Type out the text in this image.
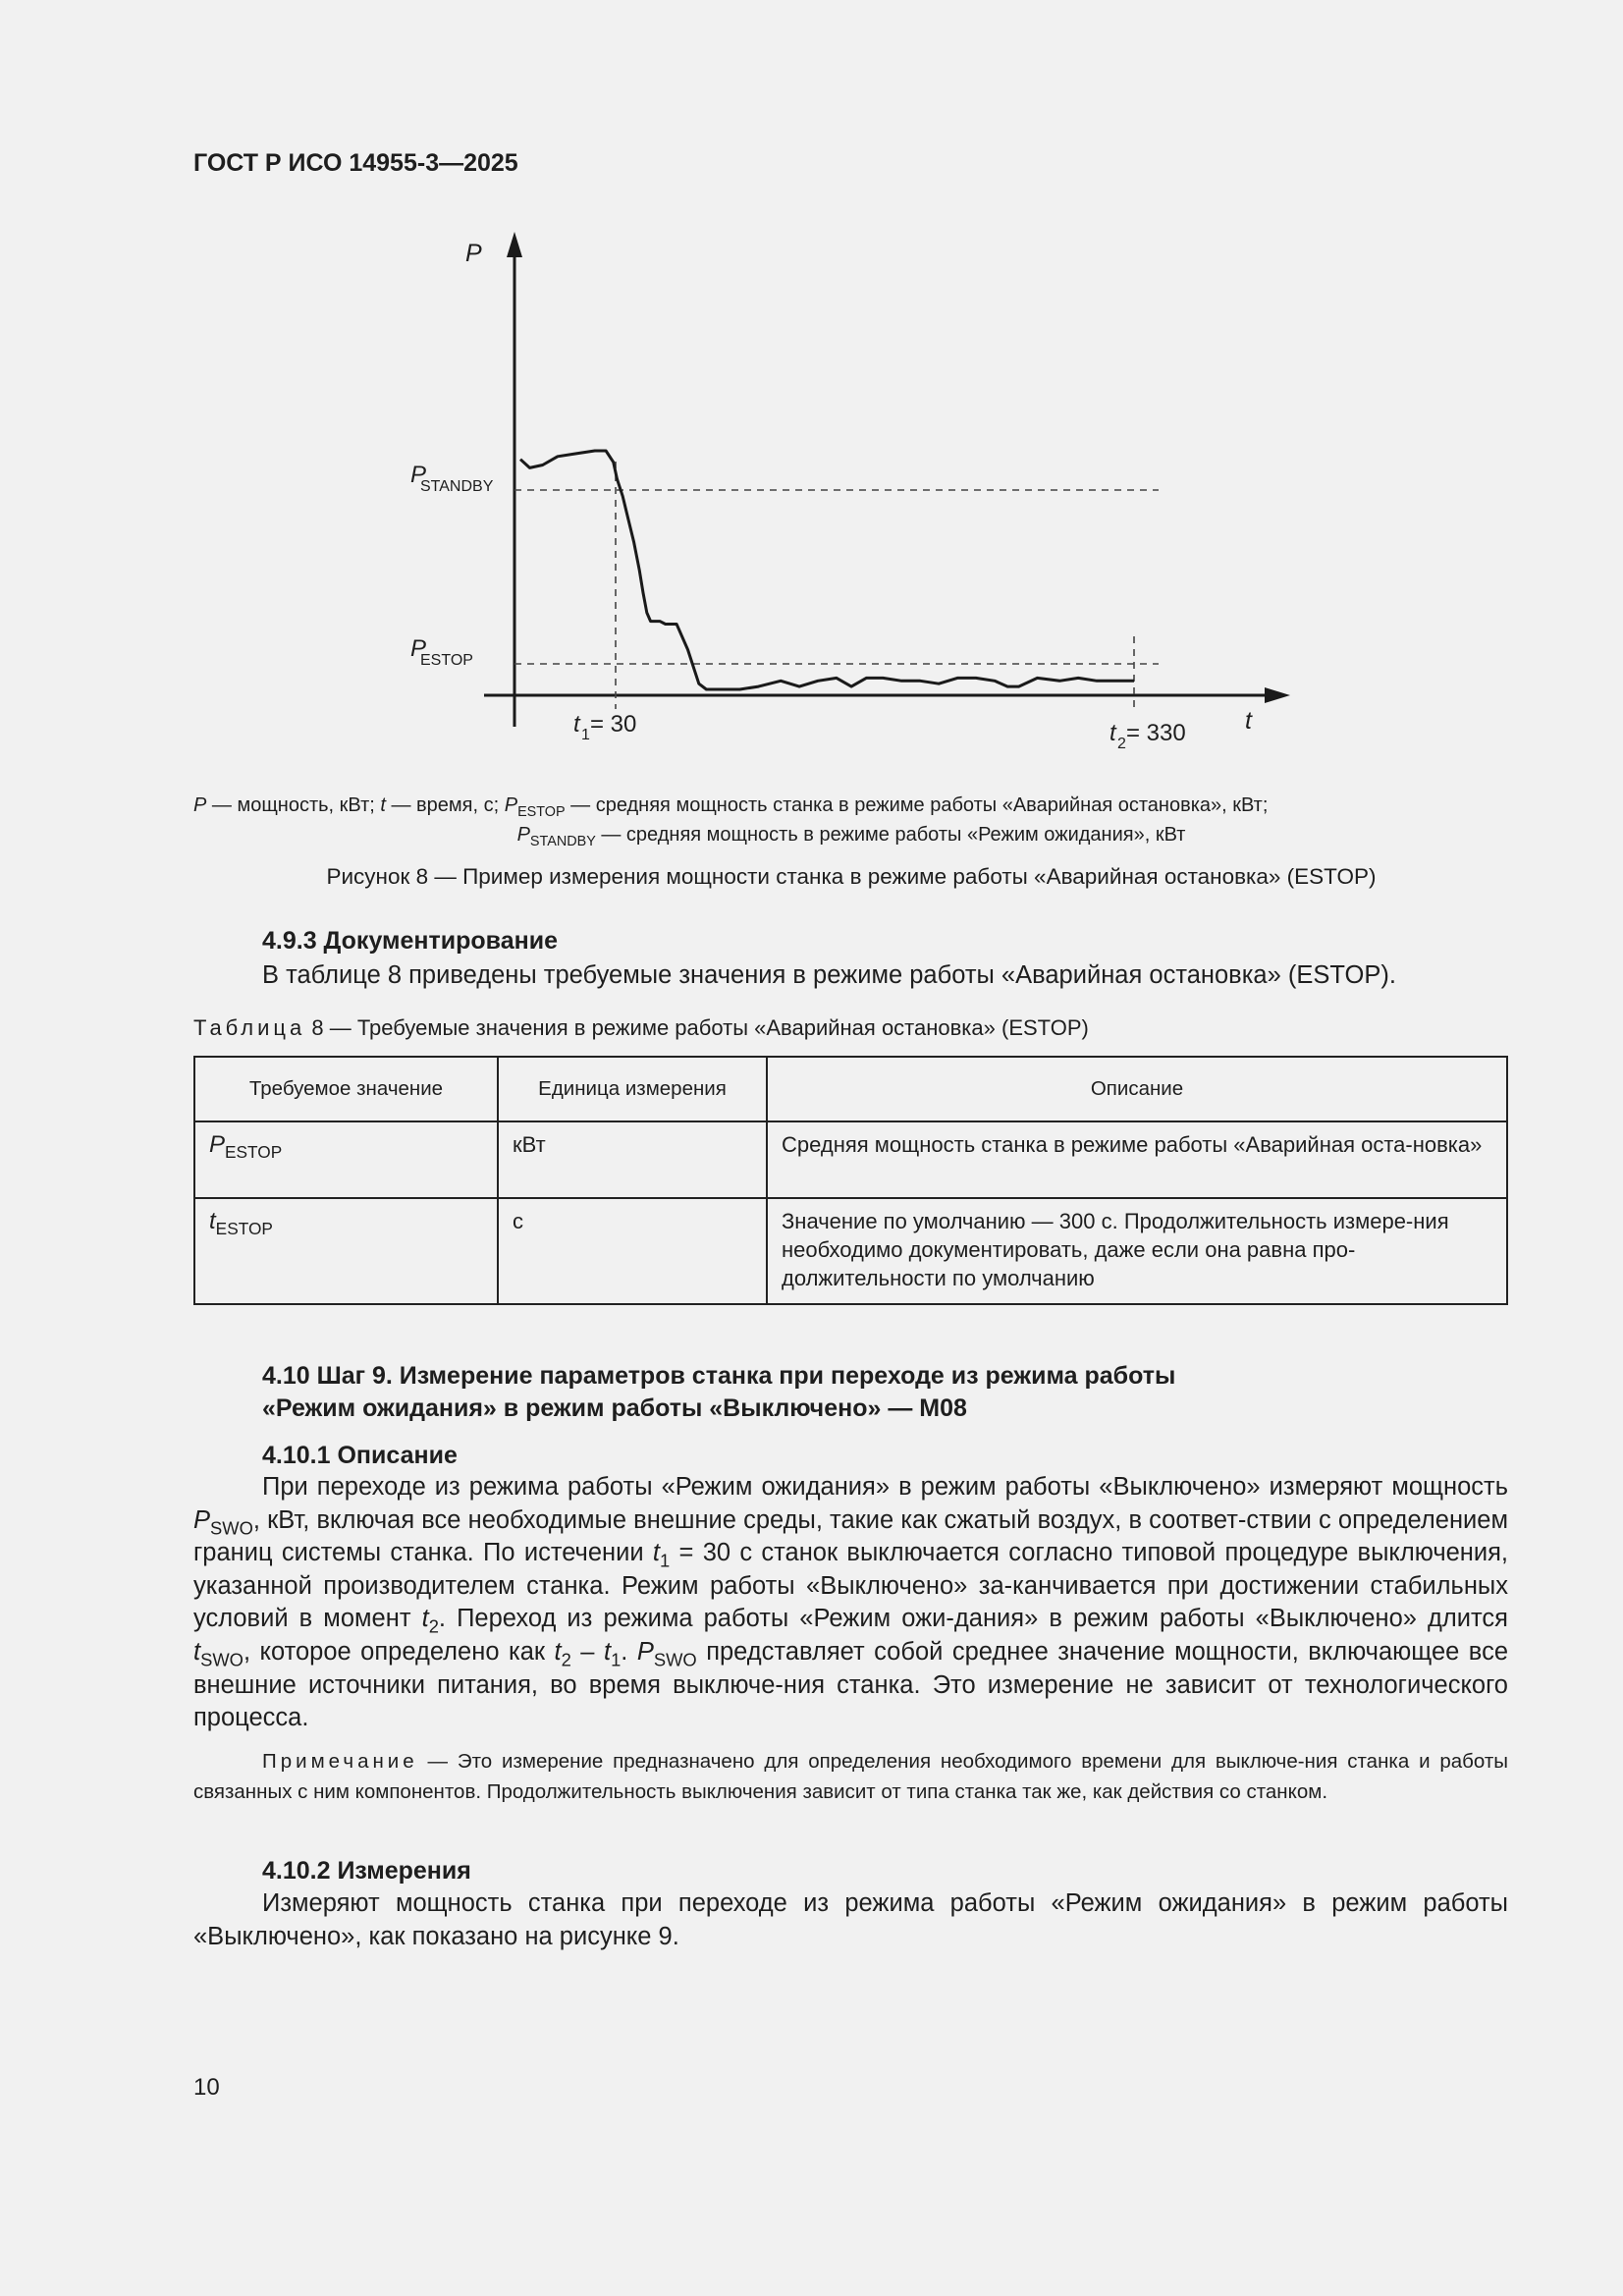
ГОСТ Р ИСО 14955-3—2025
P
t
P
STANDBY
P
ESTOP
t 1 = 30	t 2 = 330
P — мощность, кВт; t — время, с; $P_{ESTOP}$ — средняя мощность станка в режиме работы «Аварийная остановка», кВт;
$P_{STANDBY}$ — средняя мощность в режиме работы «Режим ожидания», кВт
Рисунок 8 — Пример измерения мощности станка в режиме работы «Аварийная остановка» (ESTOP)
4.9.3 Документирование
В таблице 8 приведены требуемые значения в режиме работы «Аварийная остановка» (ESTOP).
Таблица 8 — Требуемые значения в режиме работы «Аварийная остановка» (ESTOP)
Требуемое значение	Единица измерения	Описание
$P_{ESTOP}$	кВт	Средняя мощность станка в режиме работы «Аварийная оста-новка»
$t_{ESTOP}$	с	Значение по умолчанию — 300 с. Продолжительность измере-ния необходимо документировать, даже если она равна про-должительности по умолчанию
4.10 Шаг 9. Измерение параметров станка при переходе из режима работы
«Режим ожидания» в режим работы «Выключено» — M08
4.10.1 Описание
При переходе из режима работы «Режим ожидания» в режим работы «Выключено» измеряют мощность $P_{SWO}$, кВт, включая все необходимые внешние среды, такие как сжатый воздух, в соответ-ствии с определением границ системы станка. По истечении $t_1 = 30$ с станок выключается согласно типовой процедуре выключения, указанной производителем станка. Режим работы «Выключено» за-канчивается при достижении стабильных условий в момент $t_2$. Переход из режима работы «Режим ожи-дания» в режим работы «Выключено» длится $t_{SWO}$, которое определено как $t_2 - t_1$. $P_{SWO}$ представляет собой среднее значение мощности, включающее все внешние источники питания, во время выключе-ния станка. Это измерение не зависит от технологического процесса.
Примечание — Это измерение предназначено для определения необходимого времени для выключе-ния станка и работы связанных с ним компонентов. Продолжительность выключения зависит от типа станка так же, как действия со станком.
4.10.2 Измерения
Измеряют мощность станка при переходе из режима работы «Режим ожидания» в режим работы «Выключено», как показано на рисунке 9.
10
